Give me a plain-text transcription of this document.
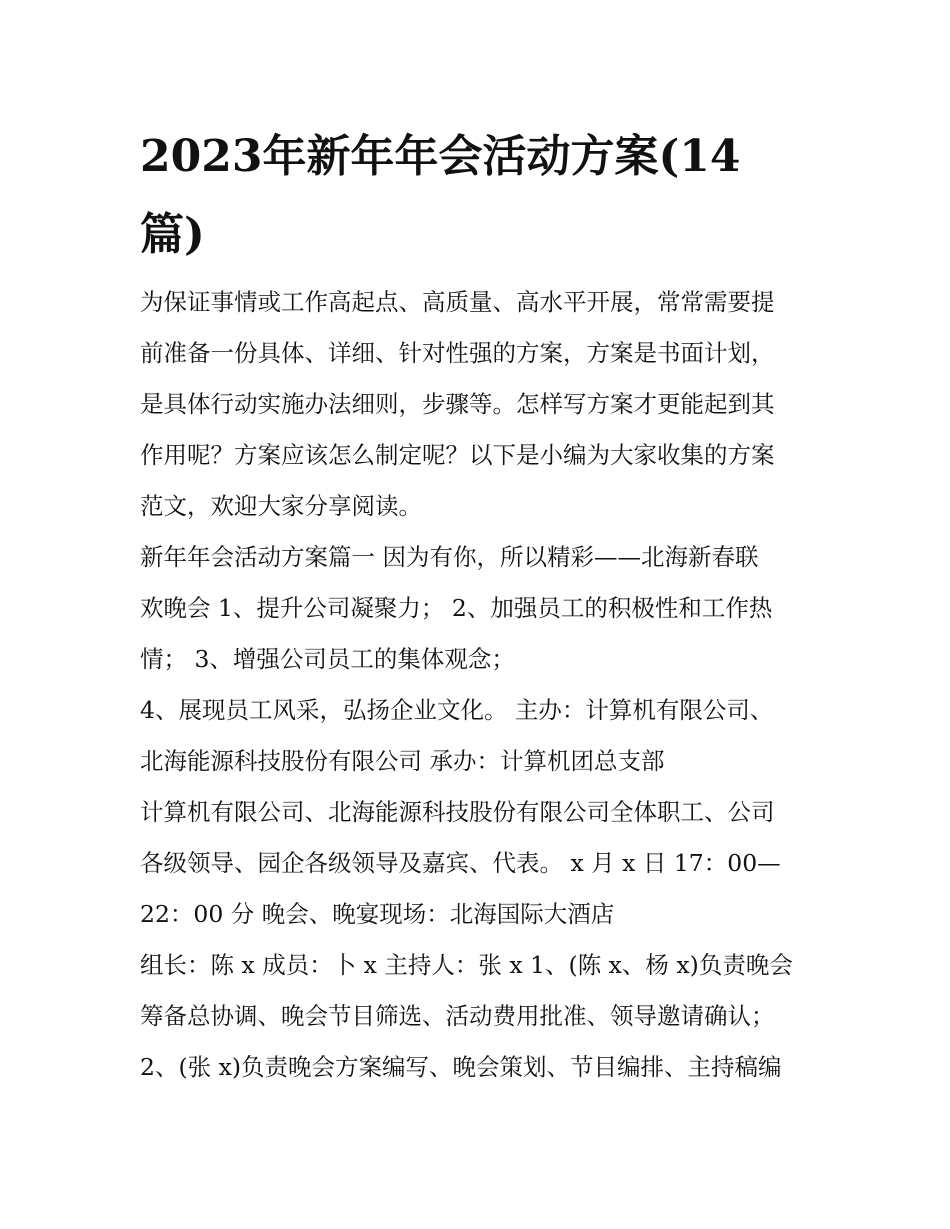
2023年新年年会活动方案(14
篇)
为保证事情或工作高起点、高质量、高水平开展，常常需要提
前准备一份具体、详细、针对性强的方案，方案是书面计划，
是具体行动实施办法细则，步骤等。怎样写方案才更能起到其
作用呢？方案应该怎么制定呢？以下是小编为大家收集的方案
范文，欢迎大家分享阅读。
新年年会活动方案篇一 因为有你，所以精彩——北海新春联
欢晚会 1、提升公司凝聚力； 2、加强员工的积极性和工作热
情； 3、增强公司员工的集体观念；
4、展现员工风采，弘扬企业文化。 主办：计算机有限公司、
北海能源科技股份有限公司 承办：计算机团总支部
计算机有限公司、北海能源科技股份有限公司全体职工、公司
各级领导、园企各级领导及嘉宾、代表。 x 月 x 日 17：00—
22：00 分 晚会、晚宴现场：北海国际大酒店
组长：陈 x 成员：卜 x 主持人：张 x 1、(陈 x、杨 x)负责晚会
筹备总协调、晚会节目筛选、活动费用批准、领导邀请确认；
2、(张 x)负责晚会方案编写、晚会策划、节目编排、主持稿编
